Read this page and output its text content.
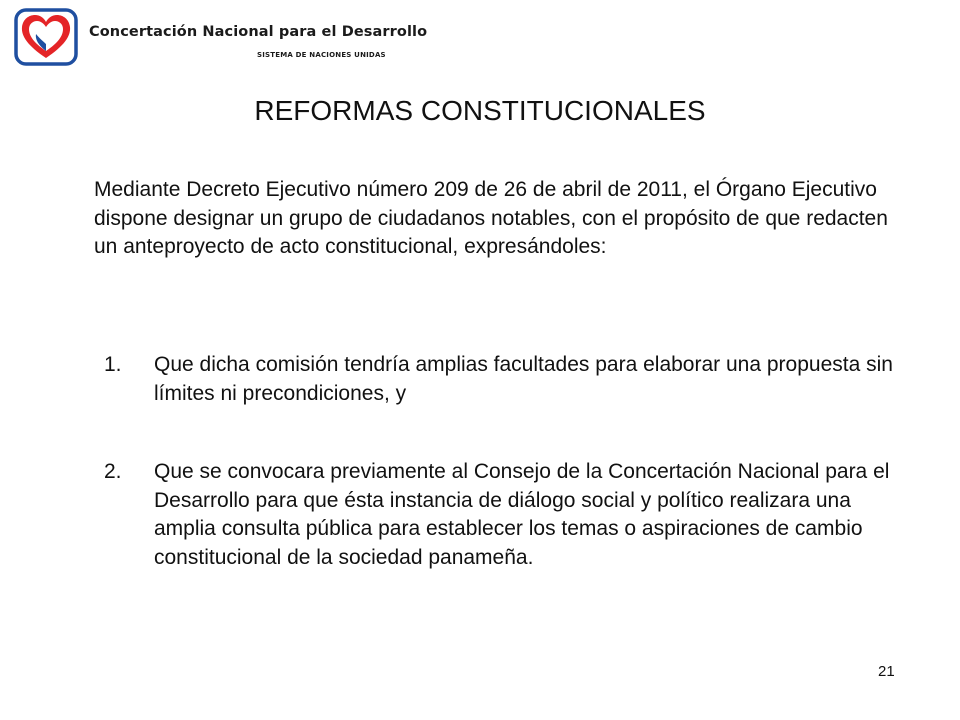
Concertación Nacional para el Desarrollo
SISTEMA DE NACIONES UNIDAS
REFORMAS CONSTITUCIONALES

Mediante Decreto Ejecutivo número 209 de 26 de abril de 2011, el Órgano Ejecutivo dispone designar un grupo de ciudadanos notables, con el propósito de que redacten un anteproyecto de acto constitucional, expresándoles:

1. Que dicha comisión tendría amplias facultades para elaborar una propuesta sin límites ni precondiciones, y
2. Que se convocara previamente al Consejo de la Concertación Nacional para el Desarrollo para que ésta instancia de diálogo social y político realizara una amplia consulta pública para establecer los temas o aspiraciones de cambio constitucional de la sociedad panameña.
21
